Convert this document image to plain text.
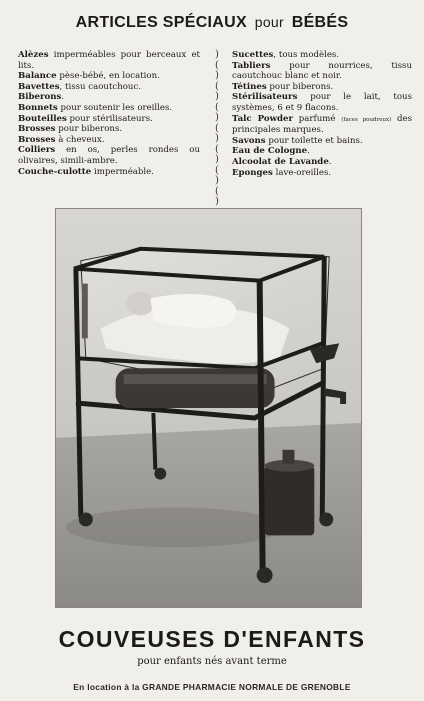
ARTICLES SPÉCIAUX pour BÉBÉS
Alèzes imperméables pour berceaux et lits.
Balance pèse-bébé, en location.
Bavettes, tissu caoutchouc.
Biberons.
Bonnets pour soutenir les oreilles.
Bouteilles pour stérilisateurs.
Brosses pour biberons.
Brosses à cheveux.
Colliers en os, perles rondes ou olivaires, simili-ambre.
Couche-culotte imperméable.
)
(
)
(
)
(
)
(
)
(
)
(
)
(
)
Sucettes, tous modèles.
Tabliers pour nourrices, tissu caoutchouc blanc et noir.
Tétines pour biberons.
Stérilisateurs pour le lait, tous systèmes, 6 et 9 flacons.
Talc Powder parfumé (faces poudreux) des principales marques.
Savons pour toilette et bains.
Eau de Cologne.
Alcoolat de Lavande.
Eponges lave-oreilles.
COUVEUSES D'ENFANTS
pour enfants nés avant terme
En location à la GRANDE PHARMACIE NORMALE DE GRENOBLE
